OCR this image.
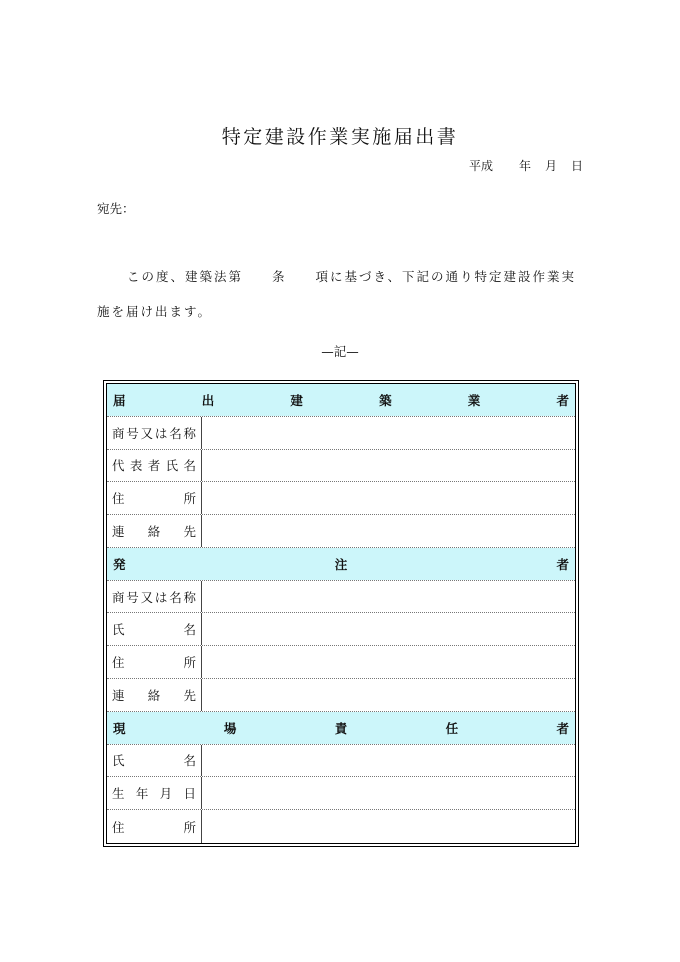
特定建設作業実施届出書
平成 年 月 日
宛先：

この度、建築法第　　条　　項に基づき、下記の通り特定建設作業実施を届け出ます。

—記—
届	出	建	築	業	者
商 号 又 は 名 称
代 表 者 氏 名
住	所
連 絡 先
発	注	者
商 号 又 は 名 称
氏	名
住	所
連 絡 先
現	場	責	任	者
氏	名
生 年 月 日
住	所
